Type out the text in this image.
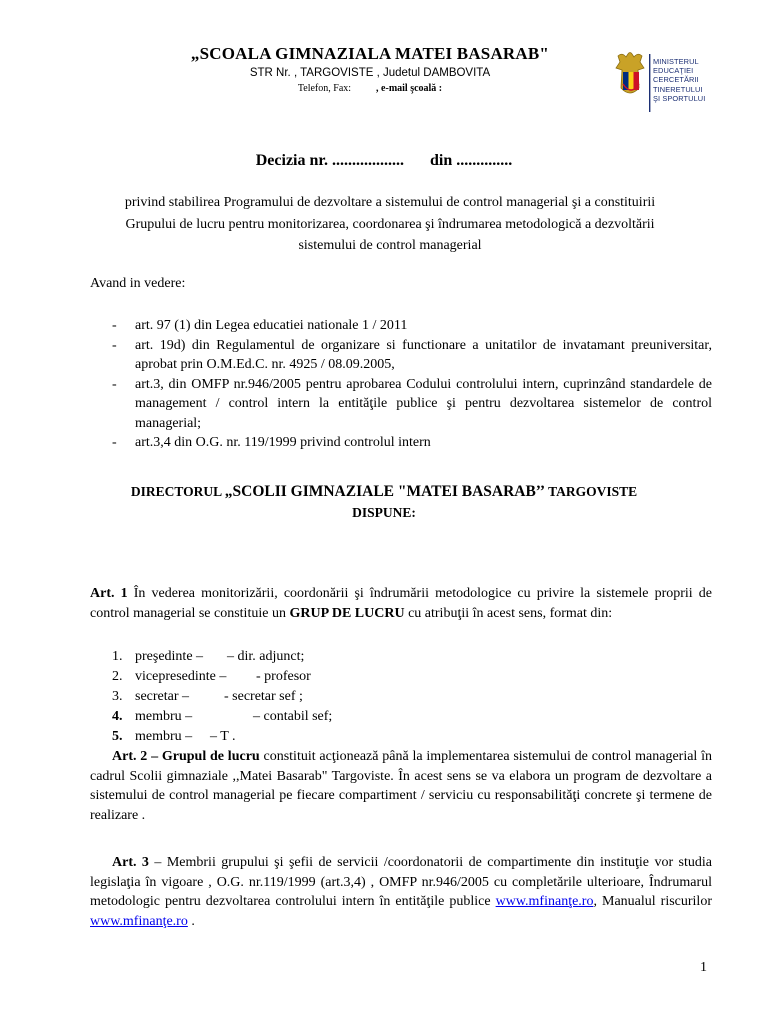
„SCOALA GIMNAZIALA MATEI BASARAB"
STR Nr. , TARGOVISTE , Judetul DAMBOVITA
Telefon, Fax:	, e-mail şcoală :
MINISTERUL
EDUCAŢIEI
CERCETĂRII
TINERETULUI
ŞI SPORTULUI
Decizia nr. .................. din ..............
privind stabilirea Programului de dezvoltare a sistemului de control managerial şi a constituirii
Grupului de lucru pentru monitorizarea, coordonarea şi îndrumarea metodologică a dezvoltării
sistemului de control managerial
Avand in vedere:
- art. 97 (1) din Legea educatiei nationale 1 / 2011
- art. 19d) din Regulamentul de organizare si functionare a unitatilor de invatamant preuniversitar, aprobat prin O.M.Ed.C. nr. 4925 / 08.09.2005,
- art.3, din OMFP nr.946/2005 pentru aprobarea Codului controlului intern, cuprinzând standardele de management / control intern la entităţile publice şi pentru dezvoltarea sistemelor de control managerial;
- art.3,4 din O.G. nr. 119/1999 privind controlul intern
DIRECTORUL „SCOLII GIMNAZIALE "MATEI BASARAB’’ TARGOVISTE
DISPUNE:
Art. 1 În vederea monitorizării, coordonării şi îndrumării metodologice cu privire la sistemele proprii de control managerial se constituie un GRUP DE LUCRU cu atribuţii în acest sens, format din:
1. preşedinte – – dir. adjunct;
2. vicepresedinte – - profesor
3. secretar – - secretar sef ;
4. membru –	– contabil sef;
5. membru – – T .
Art. 2 – Grupul de lucru constituit acţionează până la implementarea sistemului de control managerial în cadrul Scolii gimnaziale ,,Matei Basarab" Targoviste. În acest sens se va elabora un program de dezvoltare a sistemului de control managerial pe fiecare compartiment / serviciu cu responsabilităţi concrete şi termene de realizare .
Art. 3 – Membrii grupului şi şefii de servicii /coordonatorii de compartimente din instituţie vor studia legislaţia în vigoare , O.G. nr.119/1999 (art.3,4) , OMFP nr.946/2005 cu completările ulterioare, Îndrumarul metodologic pentru dezvoltarea controlului intern în entităţile publice www.mfinanţe.ro, Manualul riscurilor www.mfinanţe.ro .
1
